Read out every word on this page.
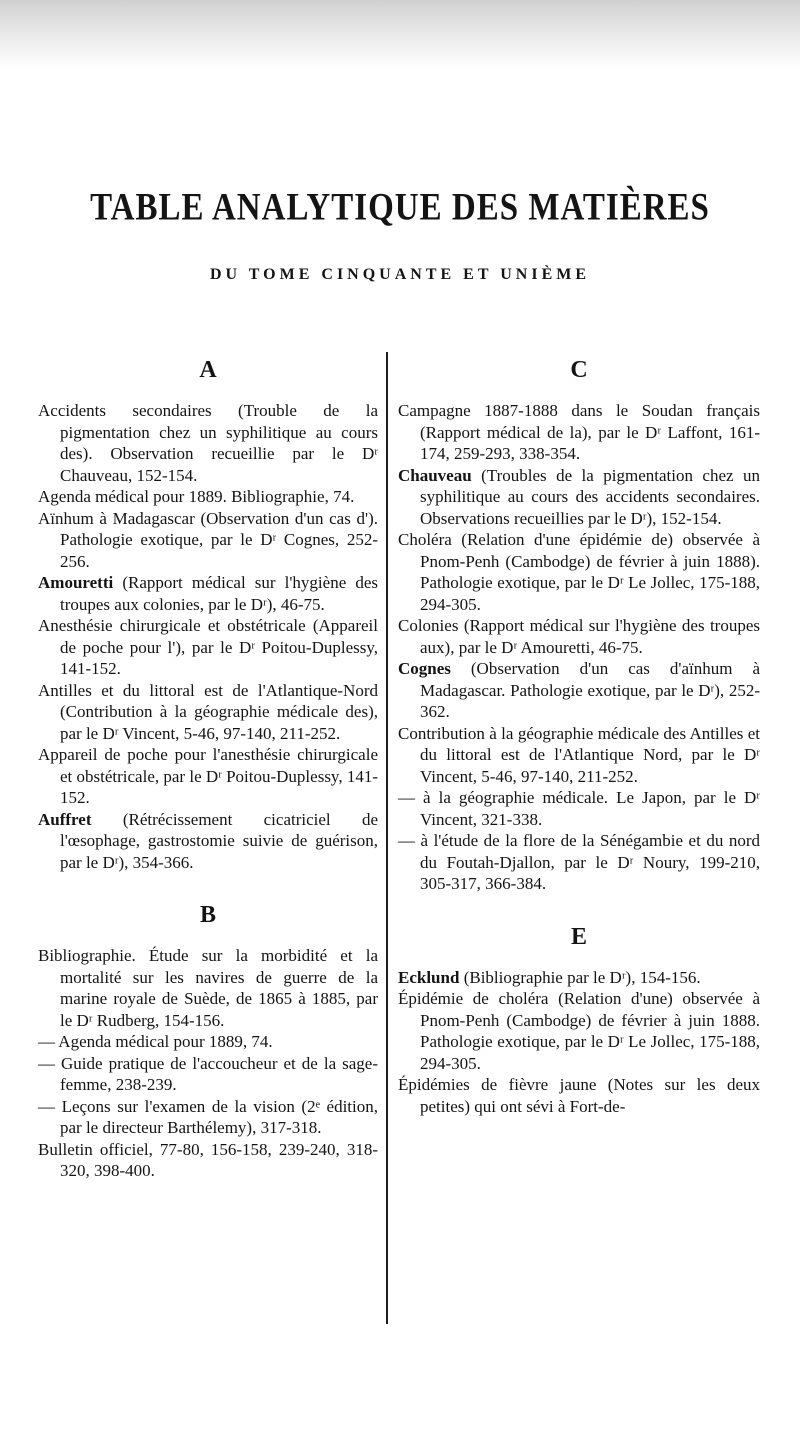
TABLE ANALYTIQUE DES MATIÈRES
DU TOME CINQUANTE ET UNIÈME
A

Accidents secondaires (Trouble de la pigmentation chez un syphilitique au cours des). Observation recueillie par le Dʳ Chauveau, 152-154.

Agenda médical pour 1889. Bibliographie, 74.

Aïnhum à Madagascar (Observation d'un cas d'). Pathologie exotique, par le Dʳ Cognes, 252-256.

Amouretti (Rapport médical sur l'hygiène des troupes aux colonies, par le Dʳ), 46-75.

Anesthésie chirurgicale et obstétricale (Appareil de poche pour l'), par le Dʳ Poitou-Duplessy, 141-152.

Antilles et du littoral est de l'Atlantique-Nord (Contribution à la géographie médicale des), par le Dʳ Vincent, 5-46, 97-140, 211-252.

Appareil de poche pour l'anesthésie chirurgicale et obstétricale, par le Dʳ Poitou-Duplessy, 141-152.

Auffret (Rétrécissement cicatriciel de l'œsophage, gastrostomie suivie de guérison, par le Dʳ), 354-366.

B

Bibliographie. Étude sur la morbidité et la mortalité sur les navires de guerre de la marine royale de Suède, de 1865 à 1885, par le Dʳ Rudberg, 154-156.

— Agenda médical pour 1889, 74.

— Guide pratique de l'accoucheur et de la sage-femme, 238-239.

— Leçons sur l'examen de la vision (2ᵉ édition, par le directeur Barthélemy), 317-318.

Bulletin officiel, 77-80, 156-158, 239-240, 318-320, 398-400.

C

Campagne 1887-1888 dans le Soudan français (Rapport médical de la), par le Dʳ Laffont, 161-174, 259-293, 338-354.

Chauveau (Troubles de la pigmentation chez un syphilitique au cours des accidents secondaires. Observations recueillies par le Dʳ), 152-154.

Choléra (Relation d'une épidémie de) observée à Pnom-Penh (Cambodge) de février à juin 1888). Pathologie exotique, par le Dʳ Le Jollec, 175-188, 294-305.

Colonies (Rapport médical sur l'hygiène des troupes aux), par le Dʳ Amouretti, 46-75.

Cognes (Observation d'un cas d'aïnhum à Madagascar. Pathologie exotique, par le Dʳ), 252-362.

Contribution à la géographie médicale des Antilles et du littoral est de l'Atlantique Nord, par le Dʳ Vincent, 5-46, 97-140, 211-252.

— à la géographie médicale. Le Japon, par le Dʳ Vincent, 321-338.

— à l'étude de la flore de la Sénégambie et du nord du Foutah-Djallon, par le Dʳ Noury, 199-210, 305-317, 366-384.

E

Ecklund (Bibliographie par le Dʳ), 154-156.

Épidémie de choléra (Relation d'une) observée à Pnom-Penh (Cambodge) de février à juin 1888. Pathologie exotique, par le Dʳ Le Jollec, 175-188, 294-305.

Épidémies de fièvre jaune (Notes sur les deux petites) qui ont sévi à Fort-de-
